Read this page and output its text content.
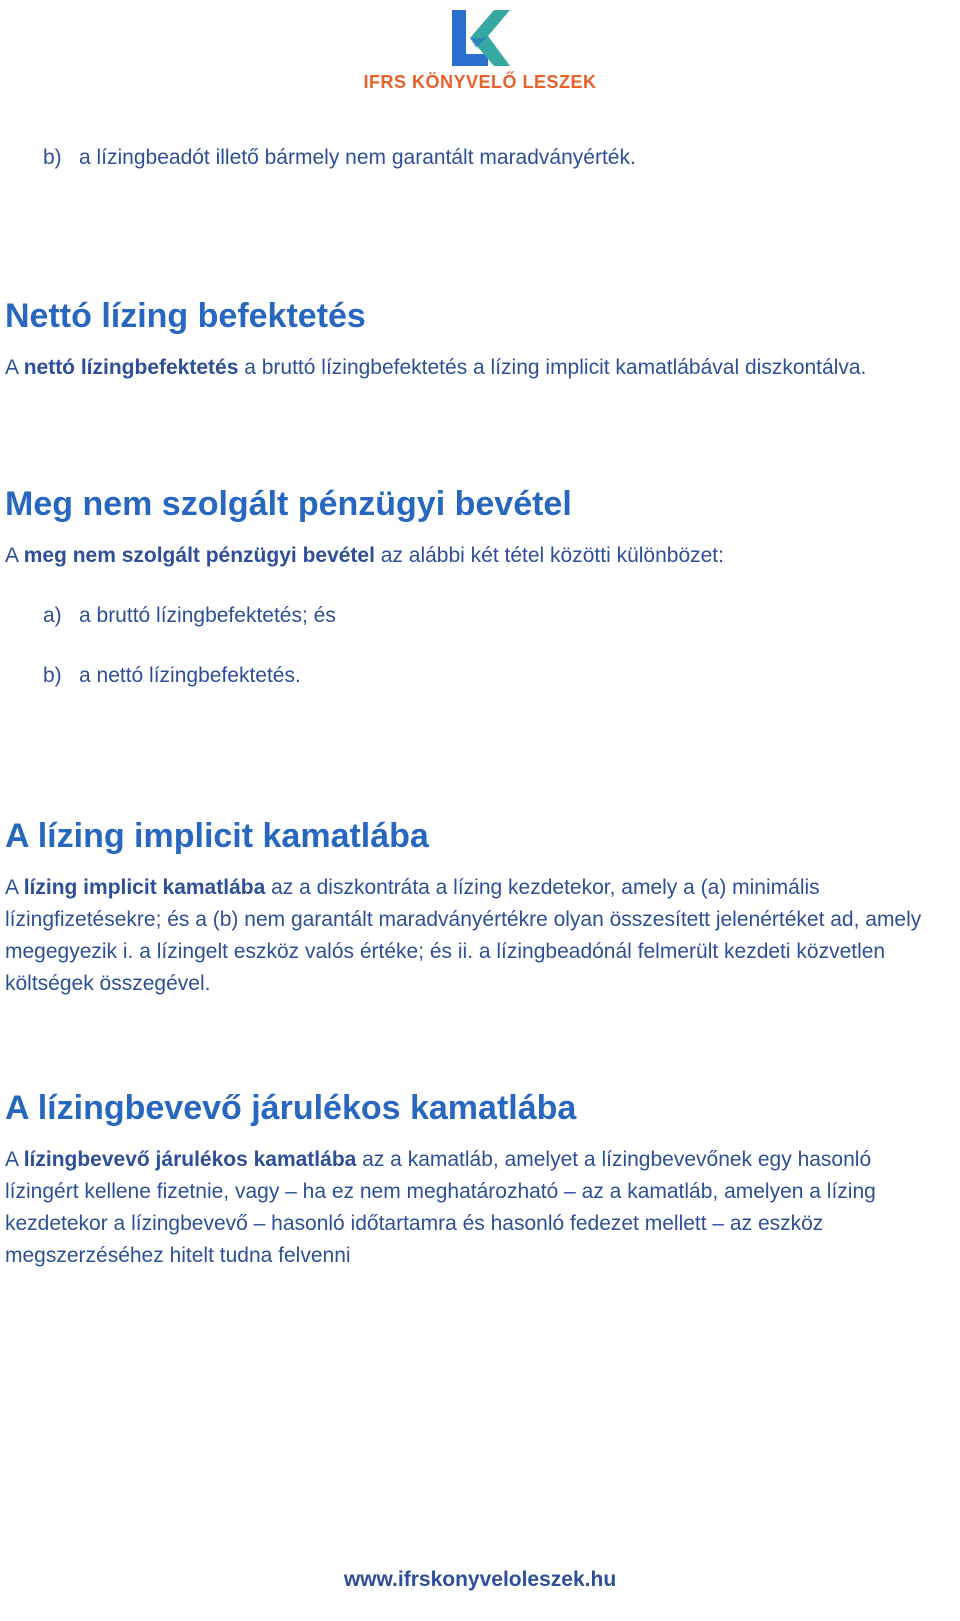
IFRS KÖNYVELŐ LESZEK
b) a lízingbeadót illető bármely nem garantált maradványérték.
Nettó lízing befektetés

A nettó lízingbefektetés a bruttó lízingbefektetés a lízing implicit kamatlábával diszkontálva.

Meg nem szolgált pénzügyi bevétel

A meg nem szolgált pénzügyi bevétel az alábbi két tétel közötti különbözet:

a) a bruttó lízingbefektetés; és
b) a nettó lízingbefektetés.
A lízing implicit kamatlába

A lízing implicit kamatlába az a diszkontráta a lízing kezdetekor, amely a (a) minimális lízingfizetésekre; és a (b) nem garantált maradványértékre olyan összesített jelenértéket ad, amely megegyezik i. a lízingelt eszköz valós értéke; és ii. a lízingbeadónál felmerült kezdeti közvetlen költségek összegével.

A lízingbevevő járulékos kamatlába

A lízingbevevő járulékos kamatlába az a kamatláb, amelyet a lízingbevevőnek egy hasonló lízingért kellene fizetnie, vagy – ha ez nem meghatározható – az a kamatláb, amelyen a lízing kezdetekor a lízingbevevő – hasonló időtartamra és hasonló fedezet mellett – az eszköz megszerzéséhez hitelt tudna felvenni

www.ifrskonyveloleszek.hu
